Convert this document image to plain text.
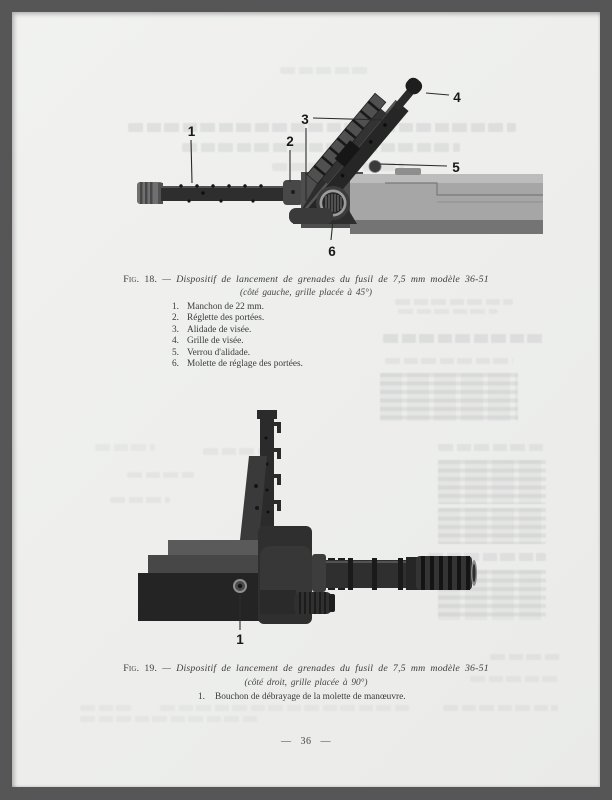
1
2
3
4
5
6
Fig. 18. — Dispositif de lancement de grenades du fusil de 7,5 mm modèle 36-51
(côté gauche, grille placée à 45°)
1. Manchon de 22 mm.
2. Réglette des portées.
3. Alidade de visée.
4. Grille de visée.
5. Verrou d'alidade.
6. Molette de réglage des portées.
1
Fig. 19. — Dispositif de lancement de grenades du fusil de 7,5 mm modèle 36-51
(côté droit, grille placée à 90°)
1. Bouchon de débrayage de la molette de manœuvre.
— 36 —
